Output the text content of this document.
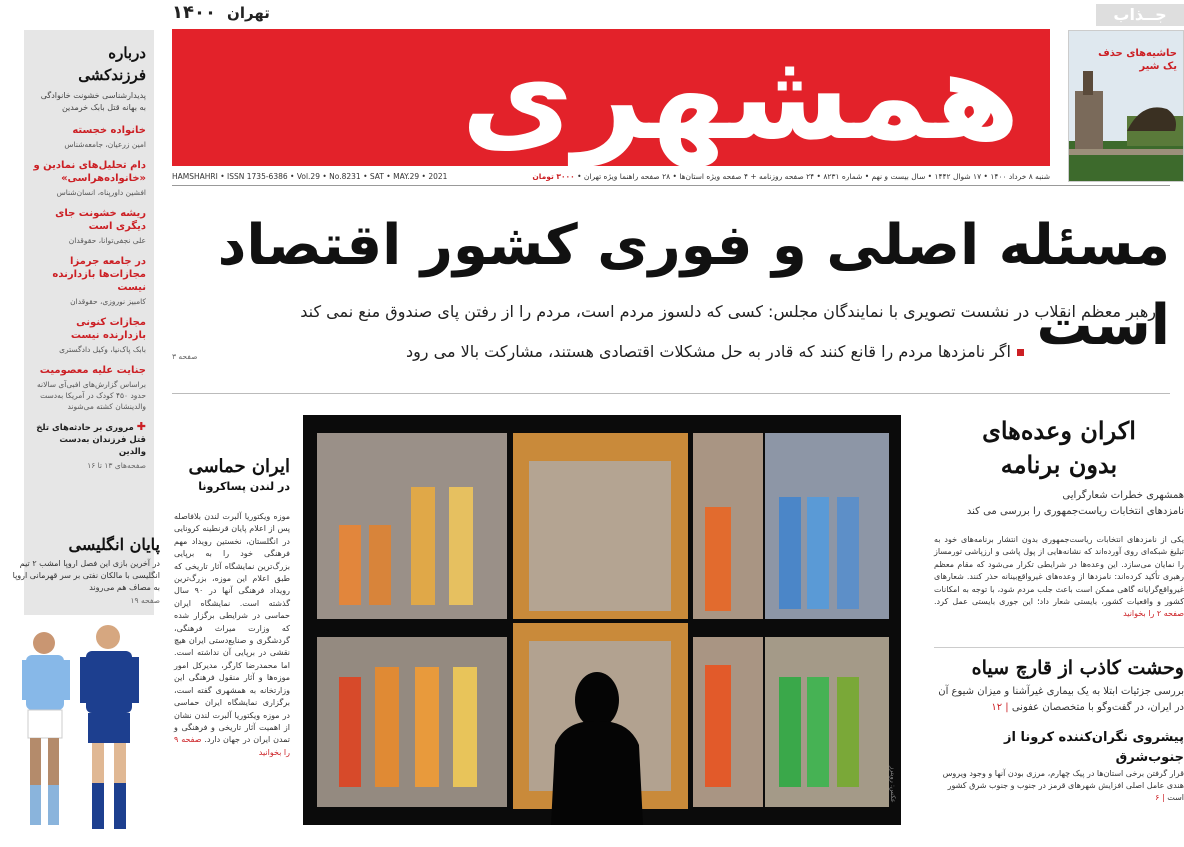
۱۴۰۰ تهران
همشهری
شنبه ۸ خرداد ۱۴۰۰ • ۱۷ شوال ۱۴۴۲ • سال بیست و نهم • شماره ۸۲۳۱ • ۲۴ صفحه روزنامه + ۴ صفحه ویژه استان‌ها • ۲۸ صفحه راهنما ویژه تهران • ۳۰۰۰ تومان
HAMSHAHRI • ISSN 1735-6386 • Vol.29 • No.8231 • SAT • MAY.29 • 2021
جــذاب
حاشیه‌های حذف
یک شیر
درباره
فرزندکشی
پدیدارشناسی خشونت خانوادگی به بهانه قتل بابک خرمدین
خانواده خجسته
امین زرعیان، جامعه‌شناس
دام تحلیل‌های نمادین و «خانواده‌هراسی»
افشین داورپناه، انسان‌شناس
ریشه خشونت جای دیگری است
علی نجفی‌توانا، حقوقدان
در جامعه جرمزا مجازات‌ها بازدارنده نیست
کامبیز نوروزی، حقوقدان
مجازات کنونی بازدارنده نیست
بابک پاک‌نیا، وکیل دادگستری
جنایت علیه معصومیت
براساس گزارش‌های افبی‌آی سالانه حدود ۴۵۰ کودک در آمریکا به‌دست والدینشان کشته می‌شوند
✚ مروری بر حادثه‌های تلخ قتل فرزندان به‌دست والدین
صفحه‌های ۱۳ تا ۱۶
پایان انگلیسی
در آخرین بازی این فصل اروپا امشب ۲ تیم انگلیسی با مالکان نفتی بر سر قهرمانی اروپا به مصاف هم می‌روند
صفحه ۱۹
مسئله اصلی و فوری کشور اقتصاد است
رهبر معظم انقلاب در نشست تصویری با نمایندگان مجلس: کسی که دلسوز مردم است، مردم را از رفتن پای صندوق منع نمی کند
اگر نامزدها مردم را قانع کنند که قادر به حل مشکلات اقتصادی هستند، مشارکت بالا می رود
صفحه ۳
ایران حماسی
در لندن پساکرونا
موزه ویکتوریا آلبرت لندن بلافاصله پس از اعلام پایان قرنطینه کرونایی در انگلستان، نخستین رویداد مهم فرهنگی خود را به برپایی بزرگ‌ترین نمایشگاه آثار تاریخی که طبق اعلام این موزه، بزرگ‌ترین رویداد فرهنگی آنها در ۹۰ سال گذشته است. نمایشگاه ایران حماسی در شرایطی برگزار شده که وزارت میراث فرهنگی، گردشگری و صنایع‌دستی ایران هیچ نقشی در برپایی آن نداشته است. اما محمدرضا کارگر، مدیرکل امور موزه‌ها و آثار منقول فرهنگی این وزارتخانه به همشهری گفته است، برگزاری نمایشگاه ایران حماسی در موزه ویکتوریا آلبرت لندن نشان از اهمیت آثار تاریخی و فرهنگی و تمدن ایران در جهان دارد. صفحه ۹ را بخوانید
عکس: رویترز
اکران وعده‌های
بدون برنامه
همشهری خطرات شعارگرایی
نامزدهای انتخابات ریاست‌جمهوری را بررسی می کند
یکی از نامزدهای انتخابات ریاست‌جمهوری بدون انتشار برنامه‌های خود به تبلیغ شبکه‌ای روی آورده‌اند که نشانه‌هایی از پول پاشی و ارزپاشی تورمساز را نمایان می‌سازد. این وعده‌ها در شرایطی تکرار می‌شود که مقام معظم رهبری تأکید کرده‌اند: نامزدها از وعده‌های غیرواقع‌بینانه حذر کنند. شعارهای غیرواقع‌گرایانه گاهی ممکن است باعث جلب مردم شود، با توجه به امکانات کشور و واقعیات کشور، بایستی شعار داد؛ این جوری بایستی عمل کرد. صفحه ۲ را بخوانید
وحشت کاذب از قارچ سیاه
بررسی جزئیات ابتلا به یک بیماری غیرآشنا و میزان شیوع آن در ایران، در گفت‌وگو با متخصصان عفونی | ۱۲
پیشروی نگران‌کننده کرونا از جنوب‌شرق
قرار گرفتن برخی استان‌ها در پیک چهارم، مرزی بودن آنها و وجود ویروس هندی عامل اصلی افزایش شهرهای قرمز در جنوب و جنوب شرق کشور است | ۶
